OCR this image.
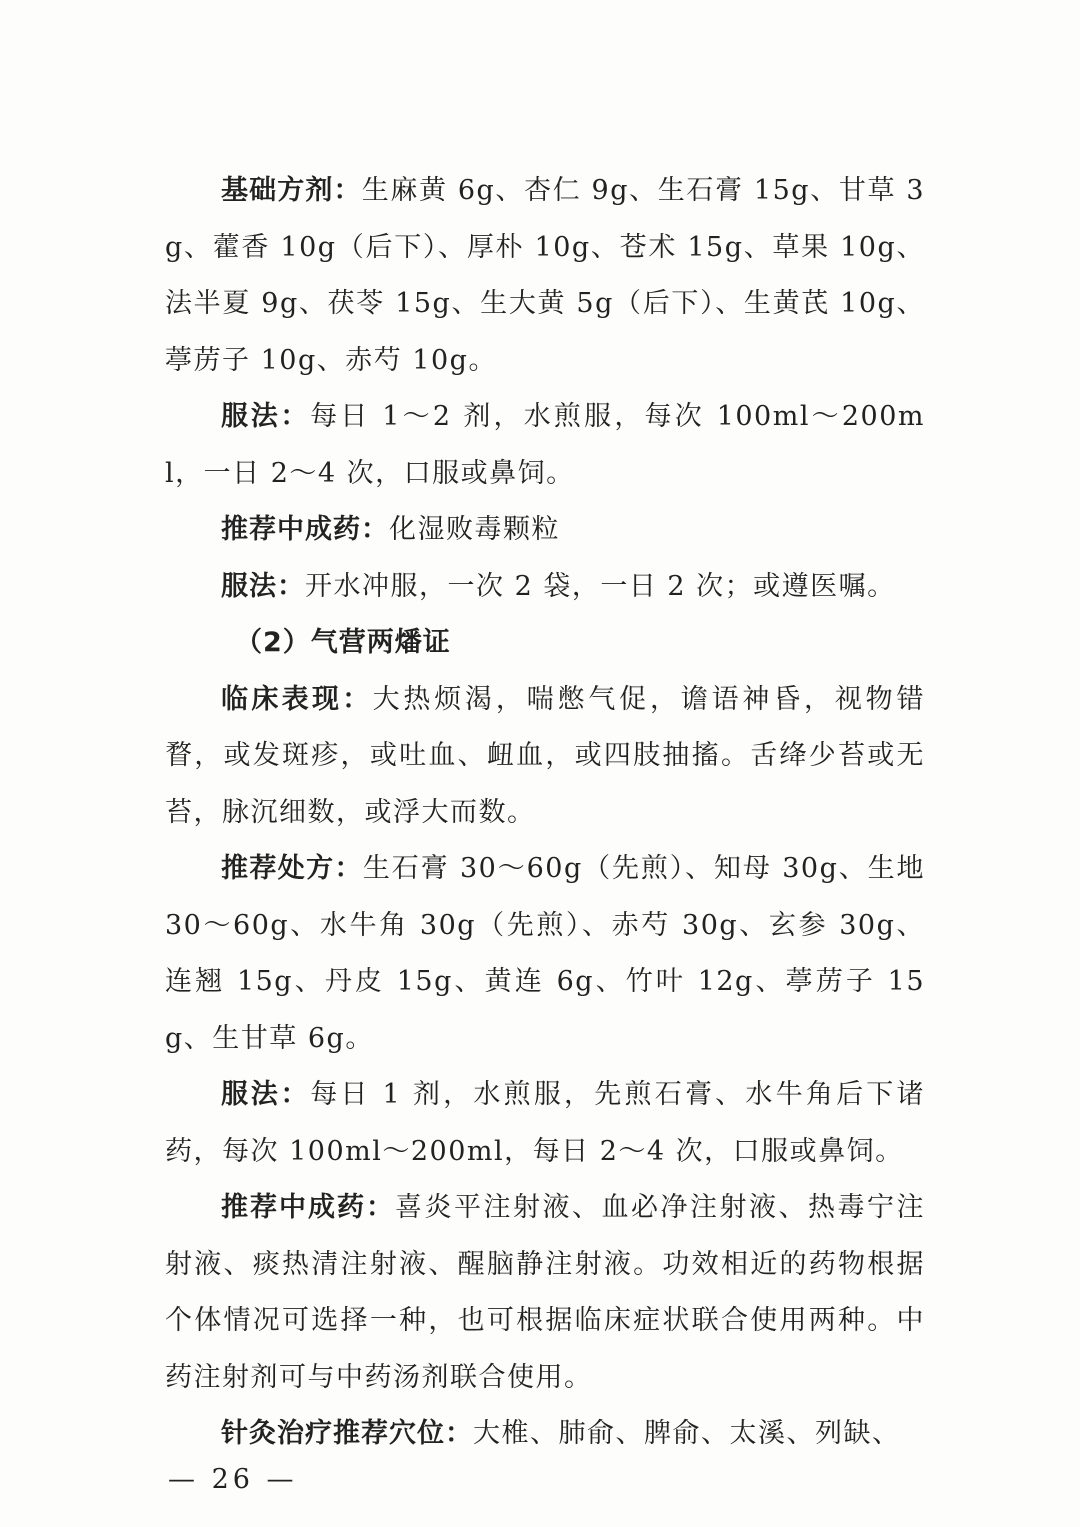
基础方剂：生麻黄 6g、杏仁 9g、生石膏 15g、甘草 3g、藿香 10g（后下）、厚朴 10g、苍术 15g、草果 10g、法半夏 9g、茯苓 15g、生大黄 5g（后下）、生黄芪 10g、葶苈子 10g、赤芍 10g。

服法：每日 1～2 剂，水煎服，每次 100ml～200ml，一日 2～4 次，口服或鼻饲。

推荐中成药：化湿败毒颗粒

服法：开水冲服，一次 2 袋，一日 2 次；或遵医嘱。

（2）气营两燔证

临床表现：大热烦渴，喘憋气促，谵语神昏，视物错瞀，或发斑疹，或吐血、衄血，或四肢抽搐。舌绛少苔或无苔，脉沉细数，或浮大而数。

推荐处方：生石膏 30～60g（先煎）、知母 30g、生地 30～60g、水牛角 30g（先煎）、赤芍 30g、玄参 30g、连翘 15g、丹皮 15g、黄连 6g、竹叶 12g、葶苈子 15g、生甘草 6g。

服法：每日 1 剂，水煎服，先煎石膏、水牛角后下诸药，每次 100ml～200ml，每日 2～4 次，口服或鼻饲。

推荐中成药：喜炎平注射液、血必净注射液、热毒宁注射液、痰热清注射液、醒脑静注射液。功效相近的药物根据个体情况可选择一种，也可根据临床症状联合使用两种。中药注射剂可与中药汤剂联合使用。

针灸治疗推荐穴位：大椎、肺俞、脾俞、太溪、列缺、

— 26 —
